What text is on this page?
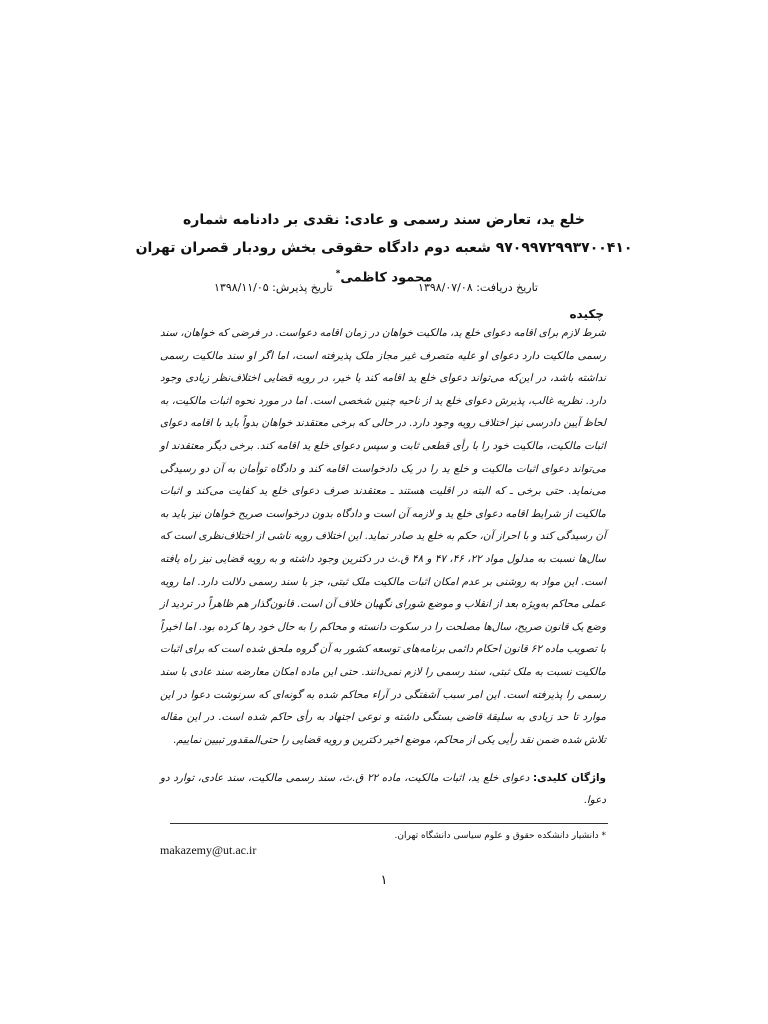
خلع ید، تعارض سند رسمی و عادی: نقدی بر دادنامه شماره
۹۷۰۹۹۷۲۹۹۳۷۰۰۴۱۰ شعبه دوم دادگاه حقوقی بخش رودبار قصران تهران
محمود کاظمی*
تاریخ دریافت: ۱۳۹۸/۰۷/۰۸
تاریخ پذیرش: ۱۳۹۸/۱۱/۰۵
چکیده

شرط لازم برای اقامه دعوای خلع ید، مالکیت خواهان در زمان اقامه دعواست. در فرضی که خواهان، سند رسمی مالکیت دارد دعوای او علیه متصرف غیر مجاز ملک پذیرفته است، اما اگر او سند مالکیت رسمی نداشته باشد، در این‌که می‌تواند دعوای خلع ید اقامه کند یا خیر، در رویه قضایی اختلاف‌نظر زیادی وجود دارد. نظریه غالب، پذیرش دعوای خلع ید از ناحیه چنین شخصی است. اما در مورد نحوه اثبات مالکیت، به لحاظ آیین دادرسی نیز اختلاف رویه وجود دارد. در حالی که برخی معتقدند خواهان بدواً باید با اقامه دعوای اثبات مالکیت، مالکیت خود را با رأی قطعی ثابت و سپس دعوای خلع ید اقامه کند. برخی دیگر معتقدند او می‌تواند دعوای اثبات مالکیت و خلع ید را در یک دادخواست اقامه کند و دادگاه توأمان به آن دو رسیدگی می‌نماید. حتی برخی ـ که البته در اقلیت هستند ـ معتقدند صرف دعوای خلع ید کفایت می‌کند و اثبات مالکیت از شرایط اقامه دعوای خلع ید و لازمه آن است و دادگاه بدون درخواست صریح خواهان نیز باید به آن رسیدگی کند و با احراز آن، حکم به خلع ید صادر نماید. این اختلاف رویه ناشی از اختلاف‌نظری است که سال‌ها نسبت به مدلول مواد ۲۲، ۴۶، ۴۷ و ۴۸ ق.ث در دکترین وجود داشته و به رویه قضایی نیز راه یافته است. این مواد به روشنی بر عدم امکان اثبات مالکیت ملک ثبتی، جز با سند رسمی دلالت دارد. اما رویه عملی محاکم به‌ویژه بعد از انقلاب و موضع شورای نگهبان خلاف آن است. قانون‌گذار هم ظاهراً در تردید از وضع یک قانون صریح، سال‌ها مصلحت را در سکوت دانسته و محاکم را به حال خود رها کرده بود. اما اخیراً با تصویب ماده ۶۲ قانون احکام دائمی برنامه‌های توسعه کشور به آن گروه ملحق شده است که برای اثبات مالکیت نسبت به ملک ثبتی، سند رسمی را لازم نمی‌دانند. حتی این ماده امکان معارضه سند عادی با سند رسمی را پذیرفته است. این امر سبب آشفتگی در آراء محاکم شده به گونه‌ای که سرنوشت دعوا در این موارد تا حد زیادی به سلیقهٔ قاضی بستگی داشته و نوعی اجتهاد به رأی حاکم شده است. در این مقاله تلاش شده ضمن نقد رأیی یکی از محاکم، موضع اخیر دکترین و رویه قضایی را حتی‌المقدور تبیین نماییم.

واژگان کلیدی: دعوای خلع ید، اثبات مالکیت، ماده ۲۲ ق.ث، سند رسمی مالکیت، سند عادی، توارد دو دعوا.
* دانشیار دانشکده حقوق و علوم سیاسی دانشگاه تهران.
makazemy@ut.ac.ir
۱
